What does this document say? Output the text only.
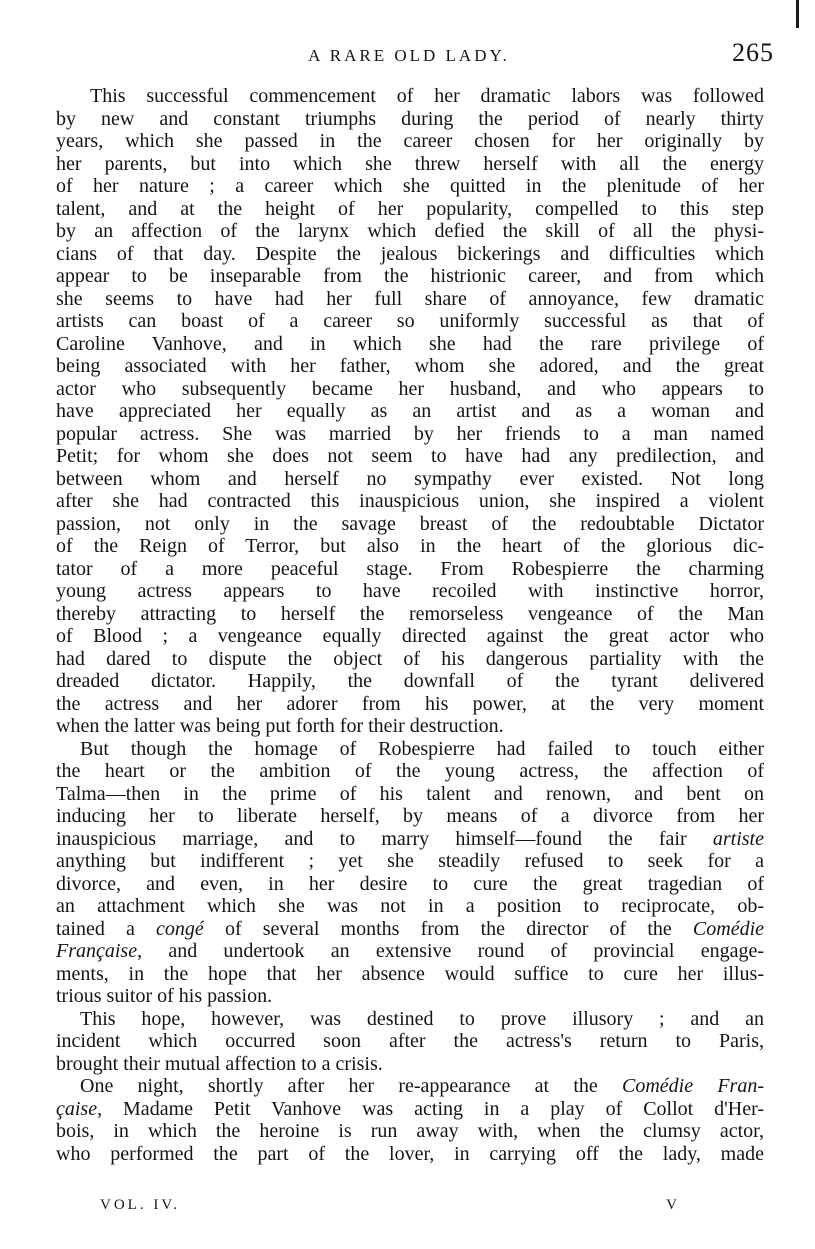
A RARE OLD LADY.	265
This successful commencement of her dramatic labors was followed
by new and constant triumphs during the period of nearly thirty
years, which she passed in the career chosen for her originally by
her parents, but into which she threw herself with all the energy
of her nature ; a career which she quitted in the plenitude of her
talent, and at the height of her popularity, compelled to this step
by an affection of the larynx which defied the skill of all the physi-
cians of that day. Despite the jealous bickerings and difficulties which
appear to be inseparable from the histrionic career, and from which
she seems to have had her full share of annoyance, few dramatic
artists can boast of a career so uniformly successful as that of
Caroline Vanhove, and in which she had the rare privilege of
being associated with her father, whom she adored, and the great
actor who subsequently became her husband, and who appears to
have appreciated her equally as an artist and as a woman and
popular actress. She was married by her friends to a man named
Petit; for whom she does not seem to have had any predilection, and
between whom and herself no sympathy ever existed. Not long
after she had contracted this inauspicious union, she inspired a violent
passion, not only in the savage breast of the redoubtable Dictator
of the Reign of Terror, but also in the heart of the glorious dic-
tator of a more peaceful stage. From Robespierre the charming
young actress appears to have recoiled with instinctive horror,
thereby attracting to herself the remorseless vengeance of the Man
of Blood ; a vengeance equally directed against the great actor who
had dared to dispute the object of his dangerous partiality with the
dreaded dictator. Happily, the downfall of the tyrant delivered
the actress and her adorer from his power, at the very moment
when the latter was being put forth for their destruction.
But though the homage of Robespierre had failed to touch either
the heart or the ambition of the young actress, the affection of
Talma—then in the prime of his talent and renown, and bent on
inducing her to liberate herself, by means of a divorce from her
inauspicious marriage, and to marry himself—found the fair artiste
anything but indifferent ; yet she steadily refused to seek for a
divorce, and even, in her desire to cure the great tragedian of
an attachment which she was not in a position to reciprocate, ob-
tained a congé of several months from the director of the Comédie
Française, and undertook an extensive round of provincial engage-
ments, in the hope that her absence would suffice to cure her illus-
trious suitor of his passion.
This hope, however, was destined to prove illusory ; and an
incident which occurred soon after the actress's return to Paris,
brought their mutual affection to a crisis.
One night, shortly after her re-appearance at the Comédie Fran-
çaise, Madame Petit Vanhove was acting in a play of Collot d'Her-
bois, in which the heroine is run away with, when the clumsy actor,
who performed the part of the lover, in carrying off the lady, made
VOL. IV.	V
